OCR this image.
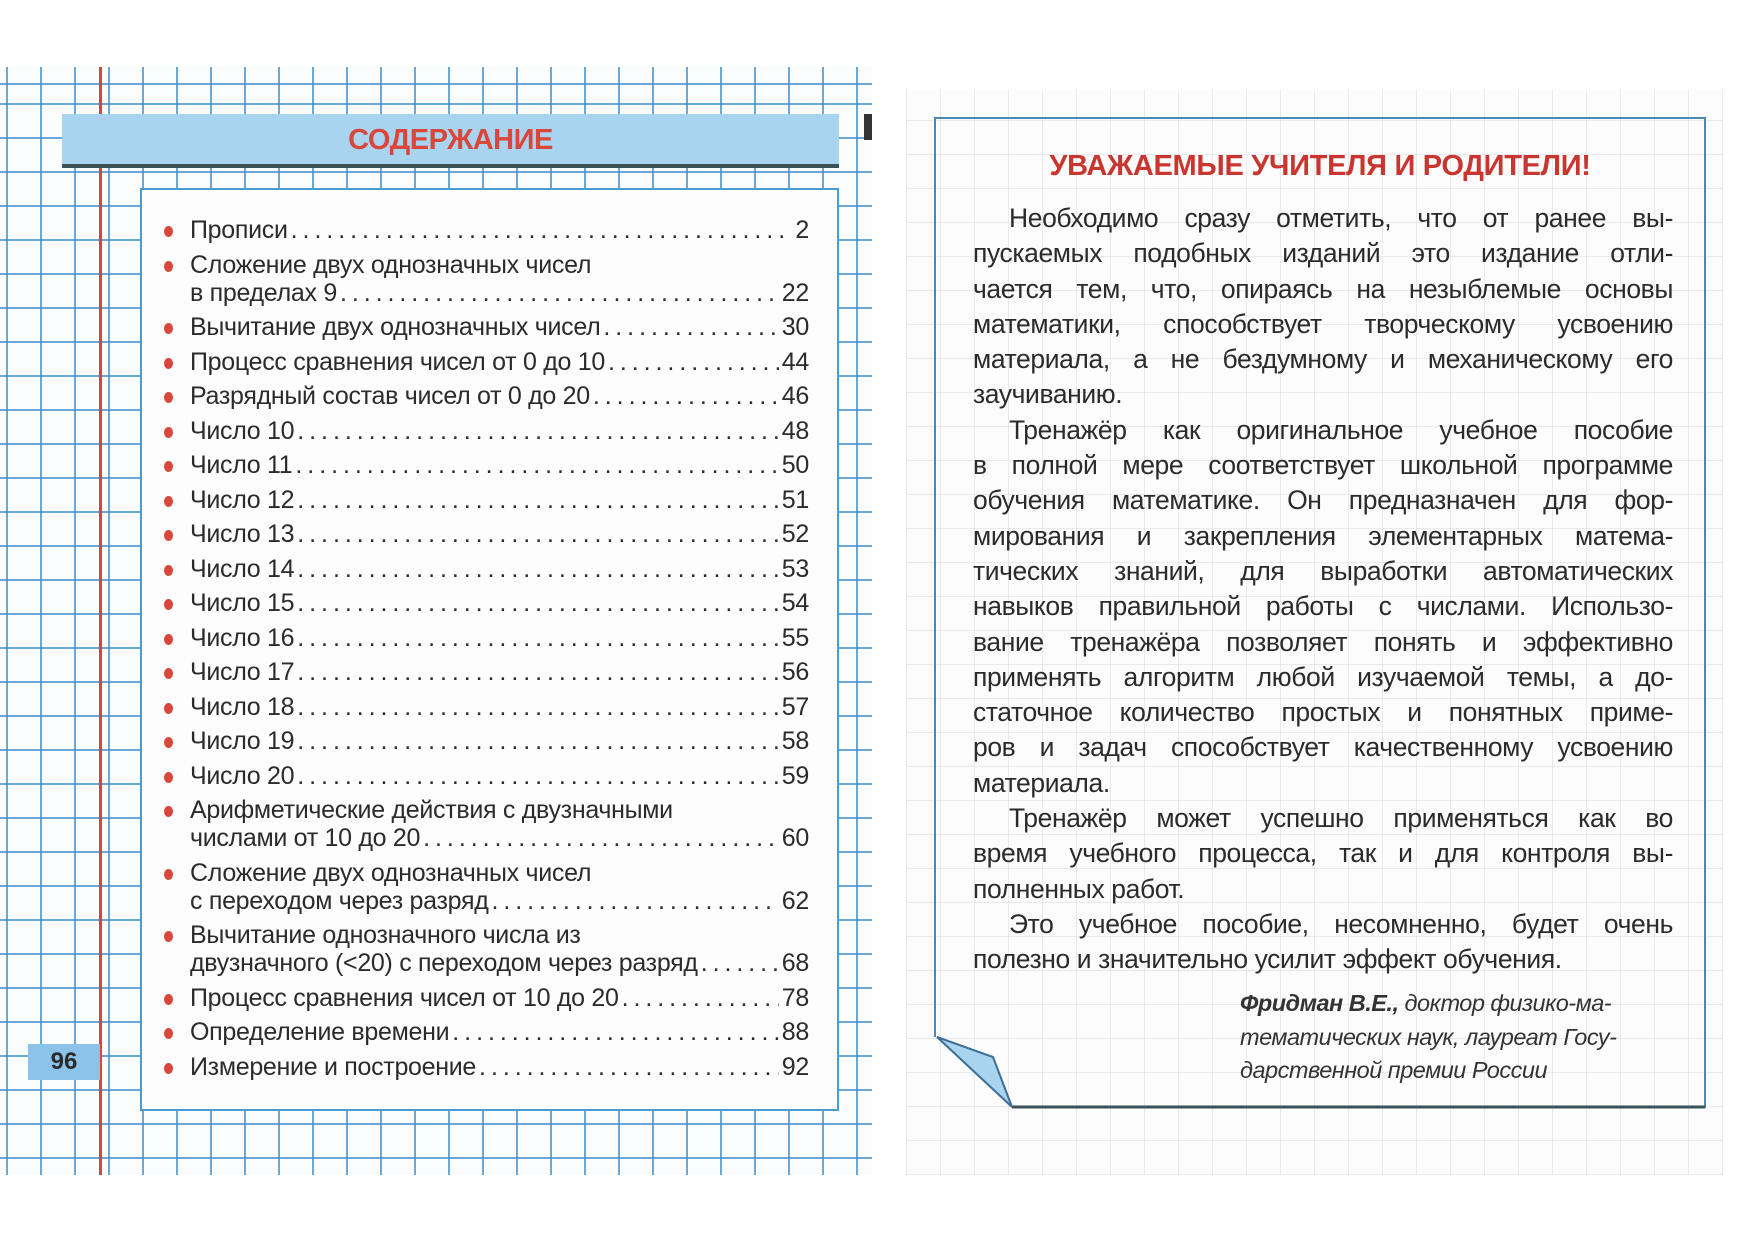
СОДЕРЖАНИЕ
Прописи . . .	2
Сложение двух однозначных чисел
в пределах 9 . . .	22
Вычитание двух однозначных чисел . . .	30
Процесс сравнения чисел от 0 до 10 . . .	44
Разрядный состав чисел от 0 до 20 . . .	46
Число 10 . . .	48
Число 11 . . .	50
Число 12 . . .	51
Число 13 . . .	52
Число 14 . . .	53
Число 15 . . .	54
Число 16 . . .	55
Число 17 . . .	56
Число 18 . . .	57
Число 19 . . .	58
Число 20 . . .	59
Арифметические действия с двузначными
числами от 10 до 20 . . .	60
Сложение двух однозначных чисел
с переходом через разряд . . .	62
Вычитание однозначного числа из
двузначного (<20) с переходом через разряд . . .	68
Процесс сравнения чисел от 10 до 20 . . .	78
Определение времени . . .	88
Измерение и построение . . .	92
96
УВАЖАЕМЫЕ УЧИТЕЛЯ И РОДИТЕЛИ!
Необходимо сразу отметить, что от ранее вы-
пускаемых подобных изданий это издание отли-
чается тем, что, опираясь на незыблемые основы
математики, способствует творческому усвоению
материала, а не бездумному и механическому его
заучиванию.
Тренажёр как оригинальное учебное пособие
в полной мере соответствует школьной программе
обучения математике. Он предназначен для фор-
мирования и закрепления элементарных матема-
тических знаний, для выработки автоматических
навыков правильной работы с числами. Использо-
вание тренажёра позволяет понять и эффективно
применять алгоритм любой изучаемой темы, а до-
статочное количество простых и понятных приме-
ров и задач способствует качественному усвоению
материала.
Тренажёр может успешно применяться как во
время учебного процесса, так и для контроля вы-
полненных работ.
Это учебное пособие, несомненно, будет очень
полезно и значительно усилит эффект обучения.
Фридман В.Е., доктор физико-ма-
тематических наук, лауреат Госу-
дарственной премии России
